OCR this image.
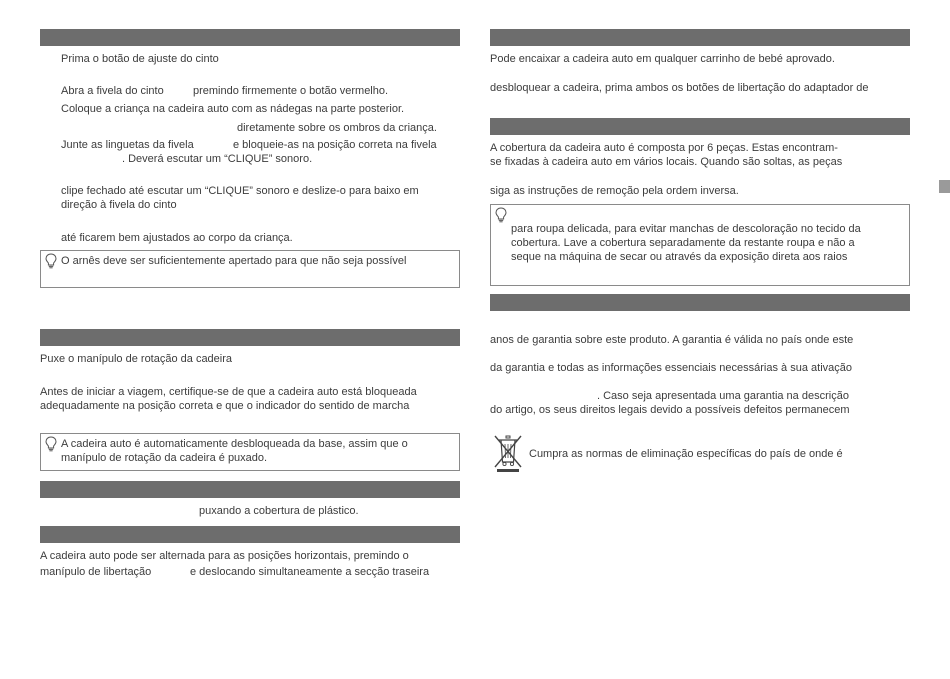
Prima o botão de ajuste do cinto
Abra a fivela do cinto	premindo firmemente o botão vermelho.
Coloque a criança na cadeira auto com as nádegas na parte posterior.
diretamente sobre os ombros da criança.
Junte as linguetas da fivela	e bloqueie-as na posição correta na fivela
. Deverá escutar um “CLIQUE” sonoro.
clipe fechado até escutar um “CLIQUE” sonoro e deslize-o para baixo em
direção à fivela do cinto
até ficarem bem ajustados ao corpo da criança.
O arnês deve ser suficientemente apertado para que não seja possível
Puxe o manípulo de rotação da cadeira
Antes de iniciar a viagem, certifique-se de que a cadeira auto está bloqueada
adequadamente na posição correta e que o indicador do sentido de marcha
A cadeira auto é automaticamente desbloqueada da base, assim que o
manípulo de rotação da cadeira é puxado.
puxando a cobertura de plástico.
A cadeira auto pode ser alternada para as posições horizontais, premindo o
manípulo de libertação	e deslocando simultaneamente a secção traseira
Pode encaixar a cadeira auto em qualquer carrinho de bebé aprovado.
desbloquear a cadeira, prima ambos os botões de libertação do adaptador de
A cobertura da cadeira auto é composta por 6 peças. Estas encontram-
se fixadas à cadeira auto em vários locais. Quando são soltas, as peças
siga as instruções de remoção pela ordem inversa.
para roupa delicada, para evitar manchas de descoloração no tecido da
cobertura. Lave a cobertura separadamente da restante roupa e não a
seque na máquina de secar ou através da exposição direta aos raios
anos de garantia sobre este produto. A garantia é válida no país onde este
da garantia e todas as informações essenciais necessárias à sua ativação
. Caso seja apresentada uma garantia na descrição
do artigo, os seus direitos legais devido a possíveis defeitos permanecem
Cumpra as normas de eliminação específicas do país de onde é
